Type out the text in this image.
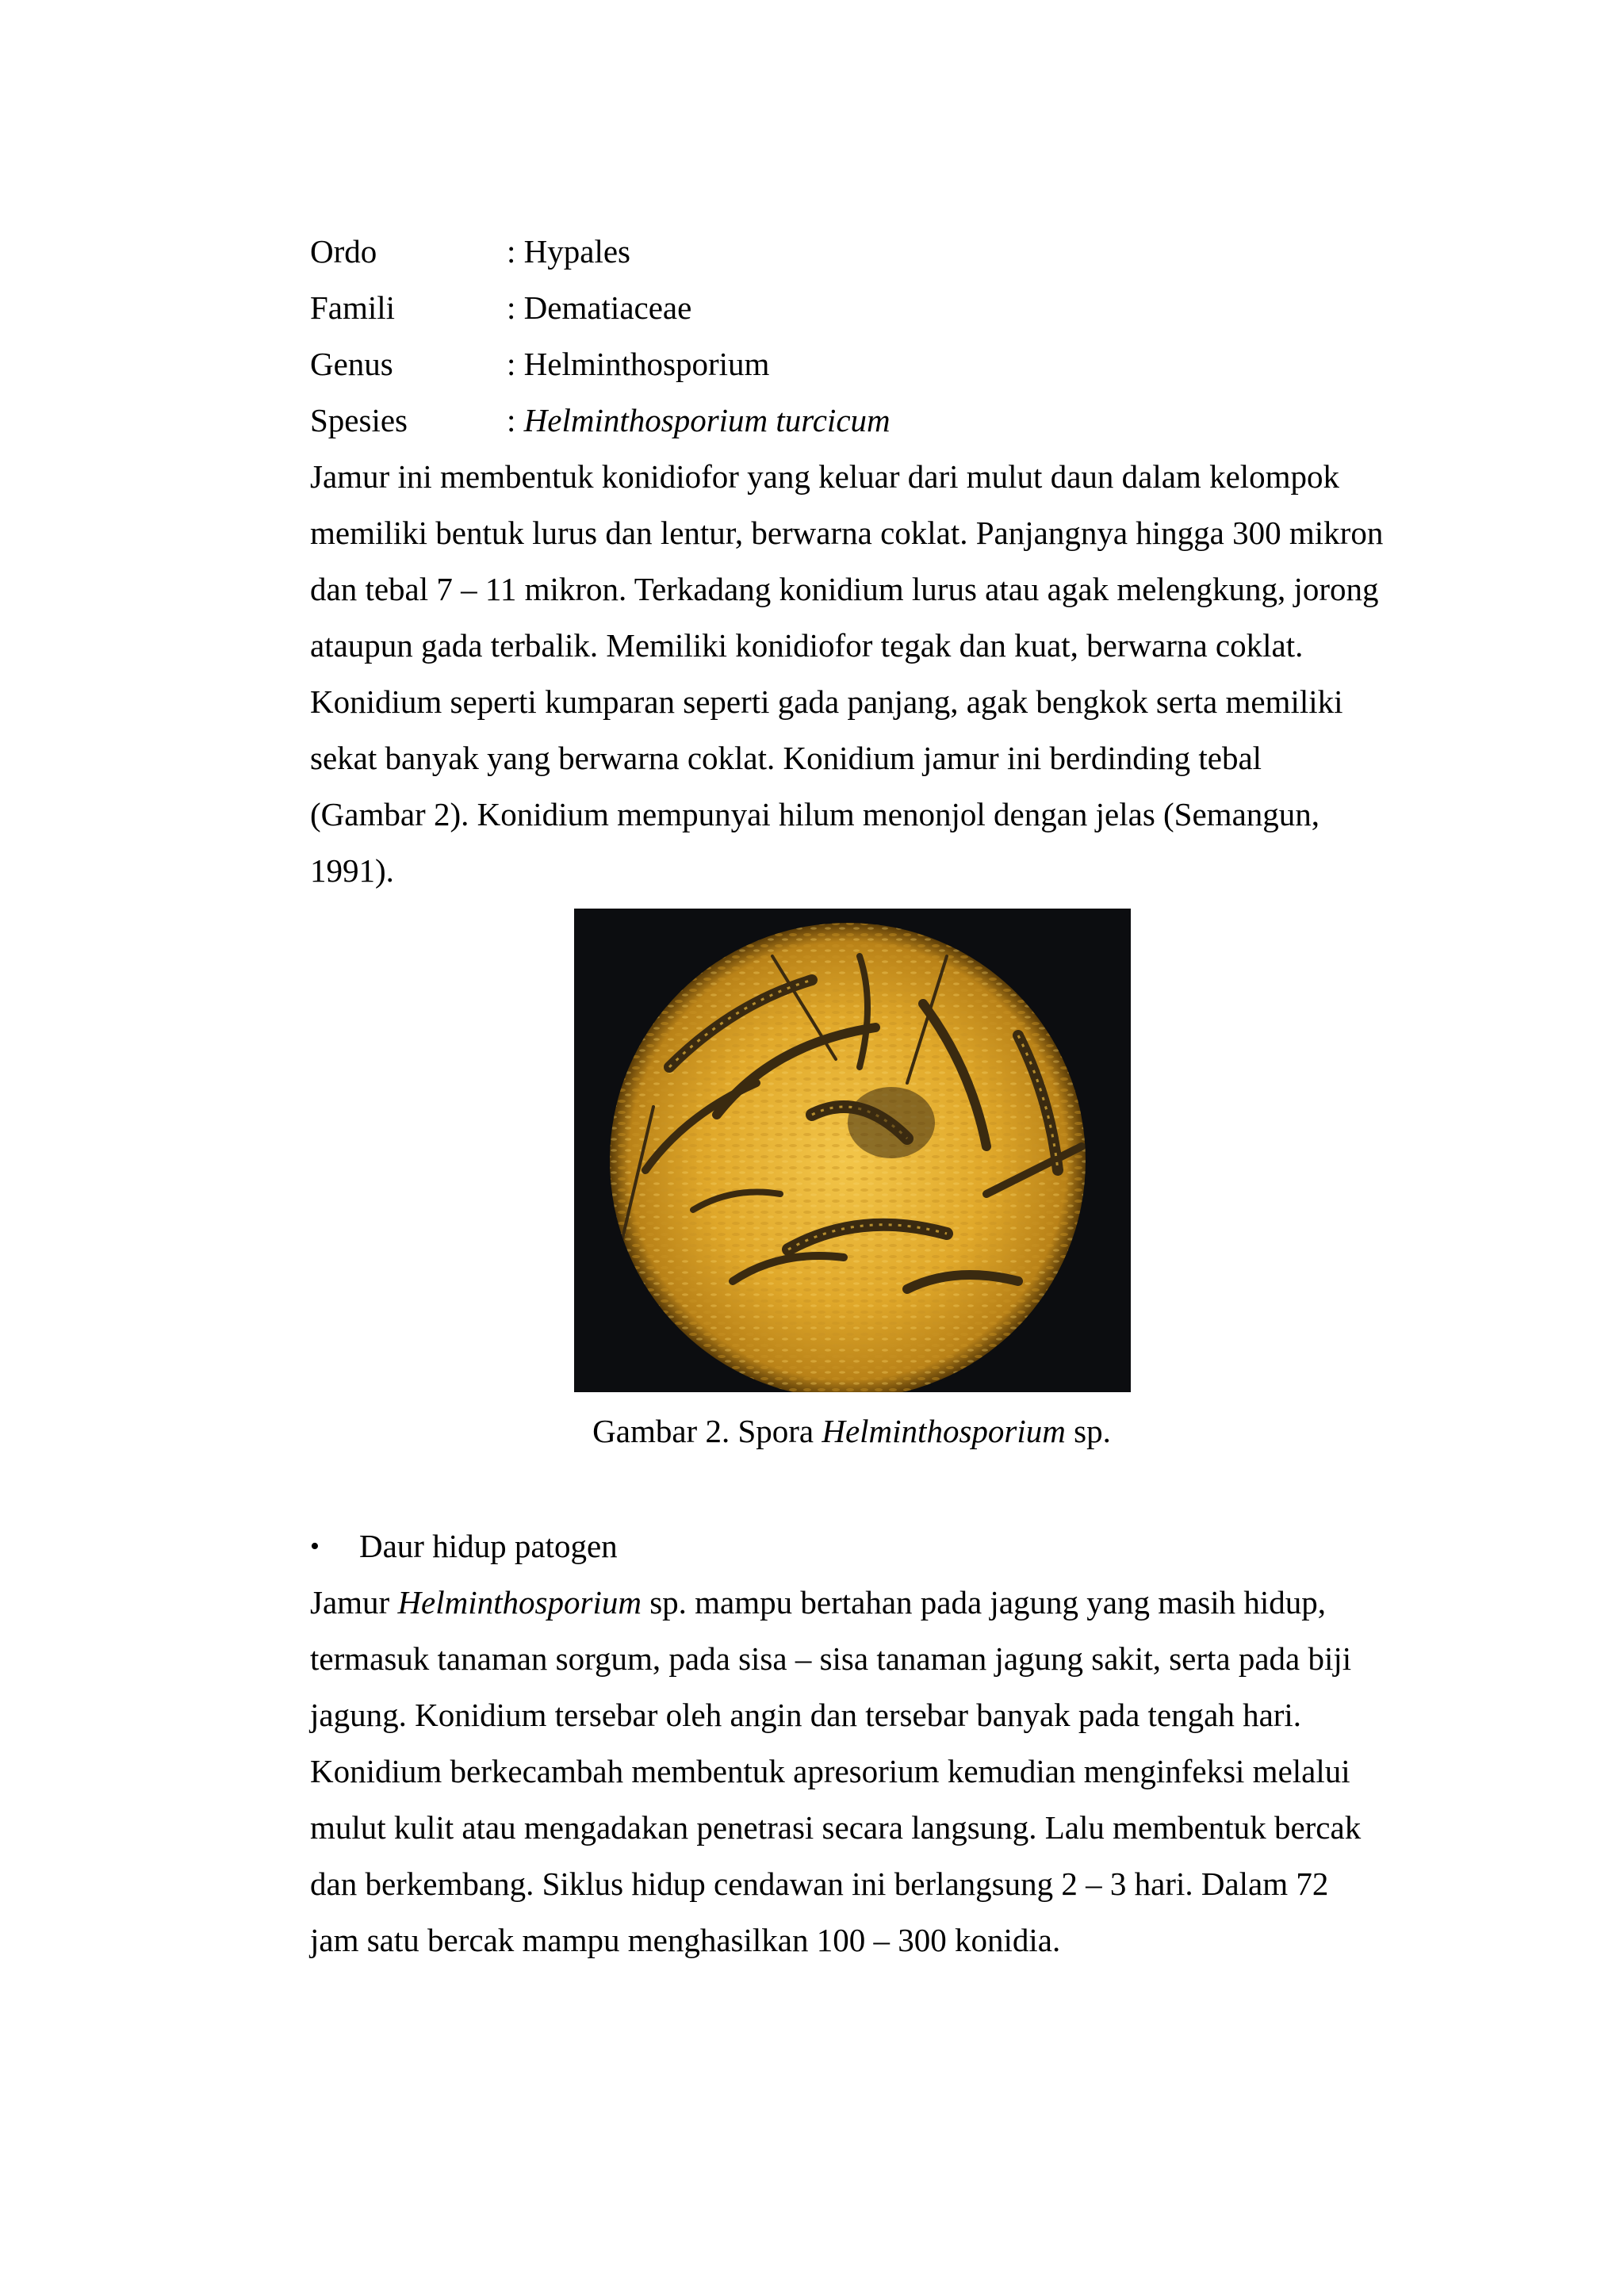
Ordo	: Hypales
Famili	: Dematiaceae
Genus	: Helminthosporium
Spesies	: Helminthosporium turcicum
Jamur ini membentuk konidiofor yang keluar dari mulut daun dalam kelompok
memiliki bentuk lurus dan lentur, berwarna coklat. Panjangnya hingga 300 mikron
dan tebal 7 – 11 mikron. Terkadang konidium lurus atau agak melengkung, jorong
ataupun gada terbalik. Memiliki konidiofor tegak dan kuat, berwarna coklat.
Konidium seperti kumparan seperti gada panjang, agak bengkok serta memiliki
sekat banyak yang berwarna coklat. Konidium jamur ini berdinding tebal
(Gambar 2). Konidium mempunyai hilum menonjol dengan jelas (Semangun,
1991).
Gambar 2. Spora Helminthosporium sp.
• Daur hidup patogen
Jamur Helminthosporium sp. mampu bertahan pada jagung yang masih hidup,
termasuk tanaman sorgum, pada sisa – sisa tanaman jagung sakit, serta pada biji
jagung. Konidium tersebar oleh angin dan tersebar banyak pada tengah hari.
Konidium berkecambah membentuk apresorium kemudian menginfeksi melalui
mulut kulit atau mengadakan penetrasi secara langsung. Lalu membentuk bercak
dan berkembang. Siklus hidup cendawan ini berlangsung 2 – 3 hari. Dalam 72
jam satu bercak mampu menghasilkan 100 – 300 konidia.
